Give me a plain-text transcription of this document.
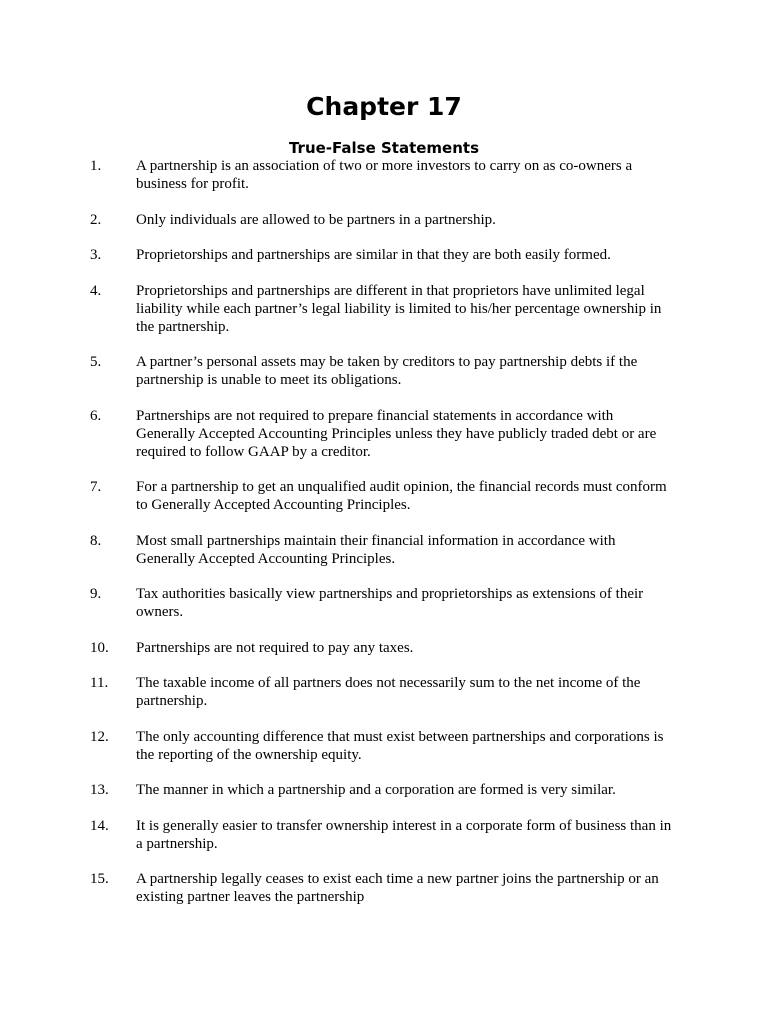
Chapter 17
True-False Statements
1.	A partnership is an association of two or more investors to carry on as co-owners a business for profit.
2.	Only individuals are allowed to be partners in a partnership.
3.	Proprietorships and partnerships are similar in that they are both easily formed.
4.	Proprietorships and partnerships are different in that proprietors have unlimited legal liability while each partner’s legal liability is limited to his/her percentage ownership in the partnership.
5.	A partner’s personal assets may be taken by creditors to pay partnership debts if the partnership is unable to meet its obligations.
6.	Partnerships are not required to prepare financial statements in accordance with Generally Accepted Accounting Principles unless they have publicly traded debt or are required to follow GAAP by a creditor.
7.	For a partnership to get an unqualified audit opinion, the financial records must conform to Generally Accepted Accounting Principles.
8.	Most small partnerships maintain their financial information in accordance with Generally Accepted Accounting Principles.
9.	Tax authorities basically view partnerships and proprietorships as extensions of their owners.
10.	Partnerships are not required to pay any taxes.
11.	The taxable income of all partners does not necessarily sum to the net income of the partnership.
12.	The only accounting difference that must exist between partnerships and corporations is the reporting of the ownership equity.
13.	The manner in which a partnership and a corporation are formed is very similar.
14.	It is generally easier to transfer ownership interest in a corporate form of business than in a partnership.
15.	A partnership legally ceases to exist each time a new partner joins the partnership or an existing partner leaves the partnership
